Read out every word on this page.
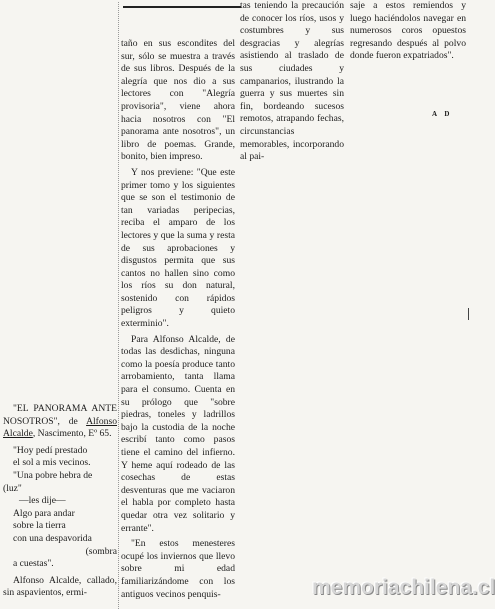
taño en sus escondites del sur, sólo se muestra a través de sus libros. Después de la alegría que nos dio a sus lectores con "Alegría provisoria", viene ahora hacia nosotros con "El panorama ante nosotros", un libro de poemas. Grande, bonito, bien impreso.

Y nos previene: "Que este primer tomo y los siguientes que se son el testimonio de tan variadas peripecias, reciba el amparo de los lectores y que la suma y resta de sus aprobaciones y disgustos permita que sus cantos no hallen sino como los ríos su don natural, sostenido con rápidos peligros y quieto exterminio".

Para Alfonso Alcalde, de todas las desdichas, ninguna como la poesía produce tanto arrobamiento, tanta llama para el consumo. Cuenta en su prólogo que "sobre piedras, toneles y ladrillos bajo la custodia de la noche escribí tanto como pasos tiene el camino del infierno. Y heme aquí rodeado de las cosechas de estas desventuras que me vaciaron el habla por completo hasta quedar otra vez solitario y errante".

"En estos menesteres ocupé los inviernos que llevo sobre mi edad familiarizándome con los antiguos vecinos penquis-

tas teniendo la precaución de conocer los ríos, usos y costumbres y sus desgracias y alegrías asistiendo al traslado de sus ciudades y campanarios, ilustrando la guerra y sus muertes sin fin, bordeando sucesos remotos, atrapando fechas, circunstancias memorables, incorporando al pai-

saje a estos remiendos y luego haciéndolos navegar en numerosos coros opuestos regresando después al polvo donde fueron expatriados".

A D

"EL PANORAMA ANTE NOSOTROS", de Alfonso Alcalde, Nascimento, Eº 65.

"Hoy pedí prestado

el sol a mis vecinos.

"Una pobre hebra de

(luz"

—les dije—

Algo para andar

sobre la tierra

con una despavorida

(sombra

a cuestas".

Alfonso Alcalde, callado, sin aspavientos, ermi-	memoriachilena.cl
